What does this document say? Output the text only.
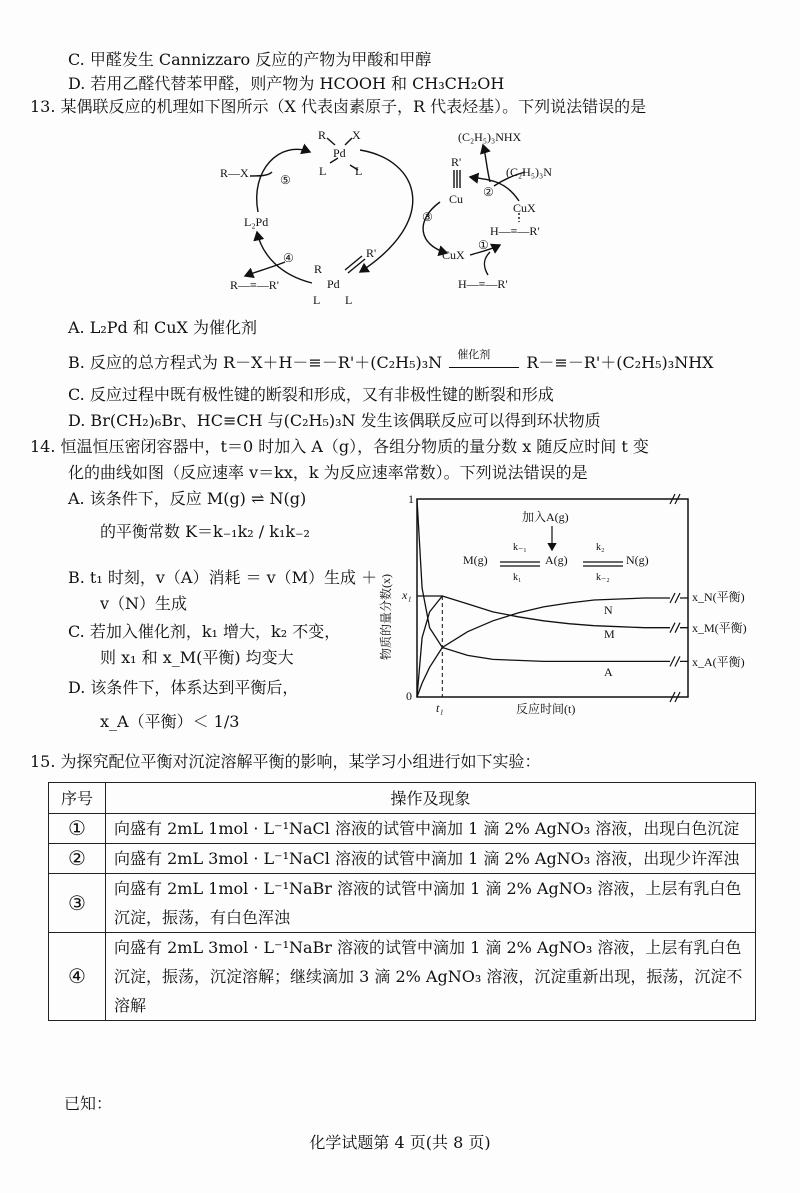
C. 甲醛发生 Cannizzaro 反应的产物为甲酸和甲醇
D. 若用乙醛代替苯甲醛，则产物为 HCOOH 和 CH₃CH₂OH
13. 某偶联反应的机理如下图所示（X 代表卤素原子，R 代表烃基）。下列说法错误的是
R X
Pd
L L
R—X	⑤
L₂Pd
④
R—≡—R'
R
R'
Pd
L L
③
R'
Cu
(C₂H₅)₃NHX
(C₂H₅)₃N
②
CuX
H—≡—R'
①
CuX
H—≡—R'
A. L₂Pd 和 CuX 为催化剂
B. 反应的总方程式为 R－X＋H－≡－R'＋(C₂H₅)₃N 催化剂 R－≡－R'＋(C₂H₅)₃NHX
C. 反应过程中既有极性键的断裂和形成，又有非极性键的断裂和形成
D. Br(CH₂)₆Br、HC≡CH 与(C₂H₅)₃N 发生该偶联反应可以得到环状物质
14. 恒温恒压密闭容器中，t＝0 时加入 A（g），各组分物质的量分数 x 随反应时间 t 变
化的曲线如图（反应速率 v＝kx，k 为反应速率常数）。下列说法错误的是
A. 该条件下，反应 M(g) ⇌ N(g)
的平衡常数 K＝k₋₁k₂ / k₁k₋₂
B. t₁ 时刻，v（A）消耗 ＝ v（M）生成 ＋
v（N）生成
C. 若加入催化剂，k₁ 增大，k₂ 不变，
则 x₁ 和 x_M(平衡) 均变大
D. 该条件下，体系达到平衡后，
x_A（平衡）＜ 1/3
1
0
x₁
t₁	反应时间(t)
物质的量分数(x)
加入A(g)
M(g)	A(g)	N(g)
k₋₁
k₁
k₂
k₋₂
N
M
A
x_N(平衡)
x_M(平衡)
x_A(平衡)
15. 为探究配位平衡对沉淀溶解平衡的影响，某学习小组进行如下实验：
序号	操作及现象
①	向盛有 2mL 1mol · L⁻¹NaCl 溶液的试管中滴加 1 滴 2% AgNO₃ 溶液，出现白色沉淀
②	向盛有 2mL 3mol · L⁻¹NaCl 溶液的试管中滴加 1 滴 2% AgNO₃ 溶液，出现少许浑浊
③	向盛有 2mL 1mol · L⁻¹NaBr 溶液的试管中滴加 1 滴 2% AgNO₃ 溶液，上层有乳白色沉淀，振荡，有白色浑浊
④	向盛有 2mL 3mol · L⁻¹NaBr 溶液的试管中滴加 1 滴 2% AgNO₃ 溶液，上层有乳白色沉淀，振荡，沉淀溶解；继续滴加 3 滴 2% AgNO₃ 溶液，沉淀重新出现，振荡，沉淀不溶解
已知：
化学试题第 4 页(共 8 页)
